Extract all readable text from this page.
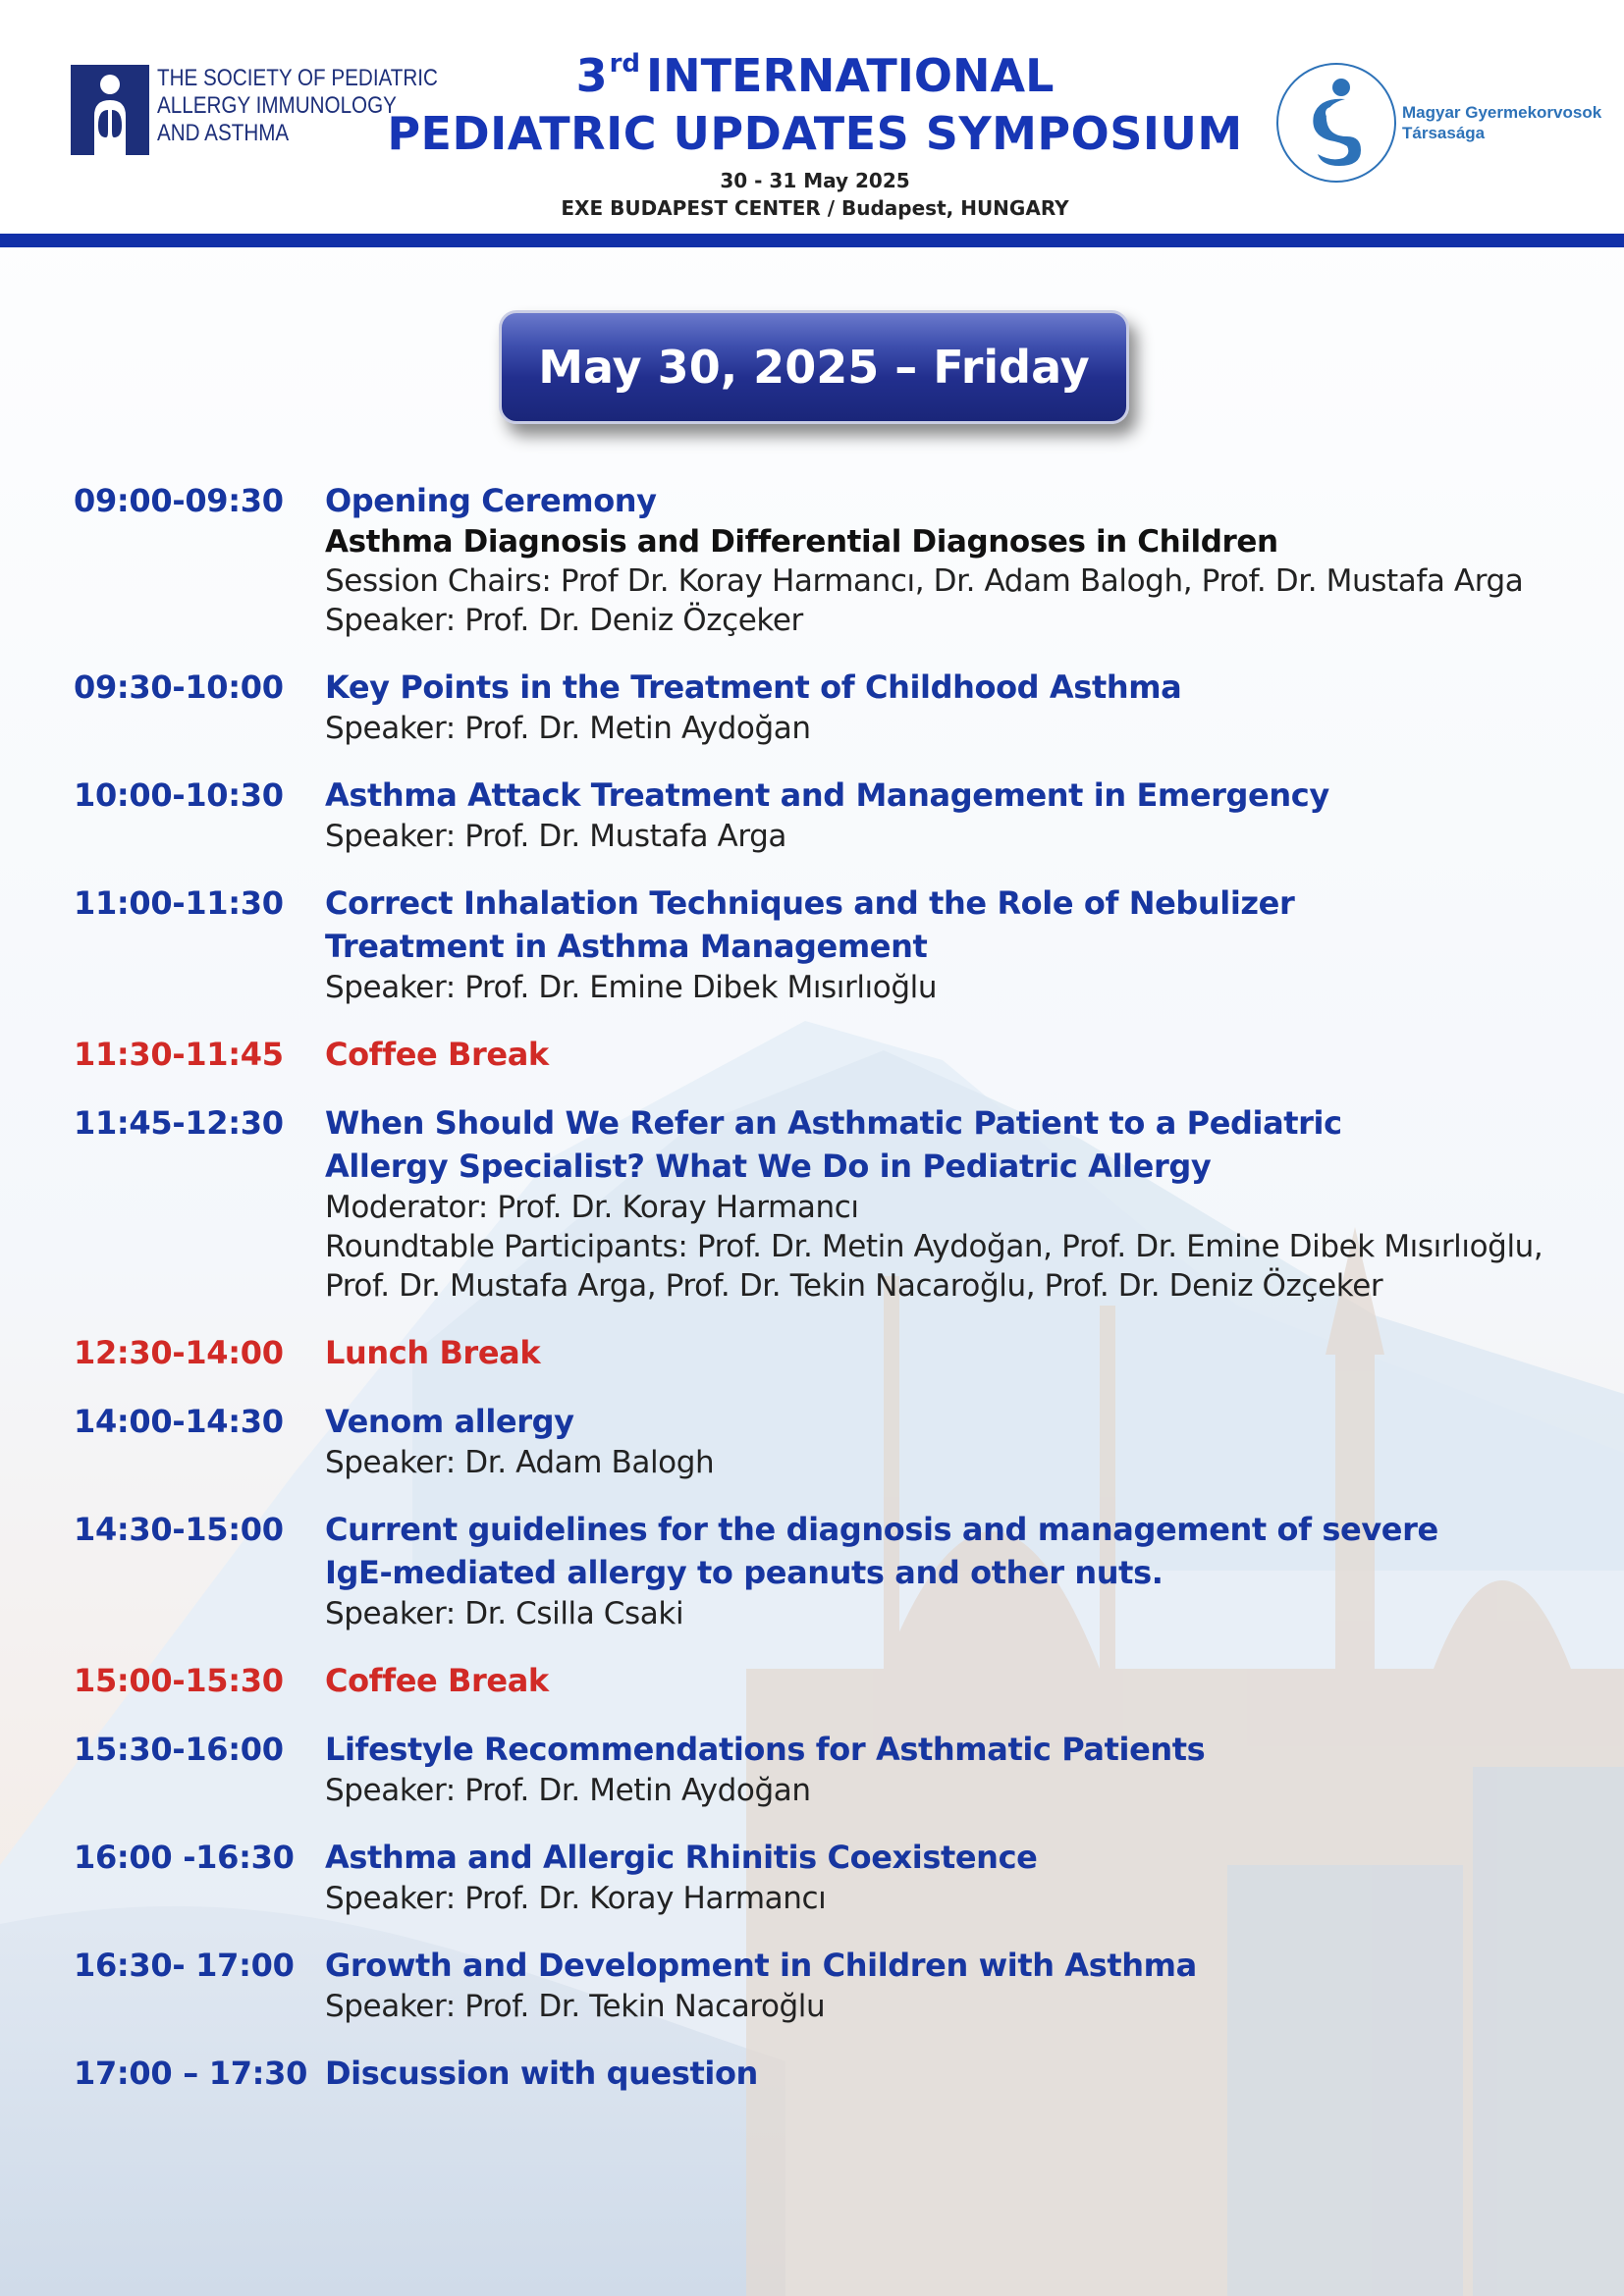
THE SOCIETY OF PEDIATRIC
ALLERGY IMMUNOLOGY
AND ASTHMA
3rd INTERNATIONAL
PEDIATRIC UPDATES SYMPOSIUM
30 - 31 May 2025
EXE BUDAPEST CENTER / Budapest, HUNGARY
Magyar Gyermekorvosok
Társasága
May 30, 2025 – Friday
09:00-09:30 Opening Ceremony
Asthma Diagnosis and Differential Diagnoses in Children
Session Chairs: Prof Dr. Koray Harmancı, Dr. Adam Balogh, Prof. Dr. Mustafa Arga
Speaker: Prof. Dr. Deniz Özçeker
09:30-10:00 Key Points in the Treatment of Childhood Asthma
Speaker: Prof. Dr. Metin Aydoğan
10:00-10:30 Asthma Attack Treatment and Management in Emergency
Speaker: Prof. Dr. Mustafa Arga
11:00-11:30 Correct Inhalation Techniques and the Role of Nebulizer
Treatment in Asthma Management
Speaker: Prof. Dr. Emine Dibek Mısırlıoğlu
11:30-11:45 Coffee Break
11:45-12:30 When Should We Refer an Asthmatic Patient to a Pediatric
Allergy Specialist? What We Do in Pediatric Allergy
Moderator: Prof. Dr. Koray Harmancı
Roundtable Participants: Prof. Dr. Metin Aydoğan, Prof. Dr. Emine Dibek Mısırlıoğlu,
Prof. Dr. Mustafa Arga, Prof. Dr. Tekin Nacaroğlu, Prof. Dr. Deniz Özçeker
12:30-14:00 Lunch Break
14:00-14:30 Venom allergy
Speaker: Dr. Adam Balogh
14:30-15:00 Current guidelines for the diagnosis and management of severe
IgE-mediated allergy to peanuts and other nuts.
Speaker: Dr. Csilla Csaki
15:00-15:30 Coffee Break
15:30-16:00 Lifestyle Recommendations for Asthmatic Patients
Speaker: Prof. Dr. Metin Aydoğan
16:00 -16:30 Asthma and Allergic Rhinitis Coexistence
Speaker: Prof. Dr. Koray Harmancı
16:30- 17:00 Growth and Development in Children with Asthma
Speaker: Prof. Dr. Tekin Nacaroğlu
17:00 – 17:30 Discussion with question
